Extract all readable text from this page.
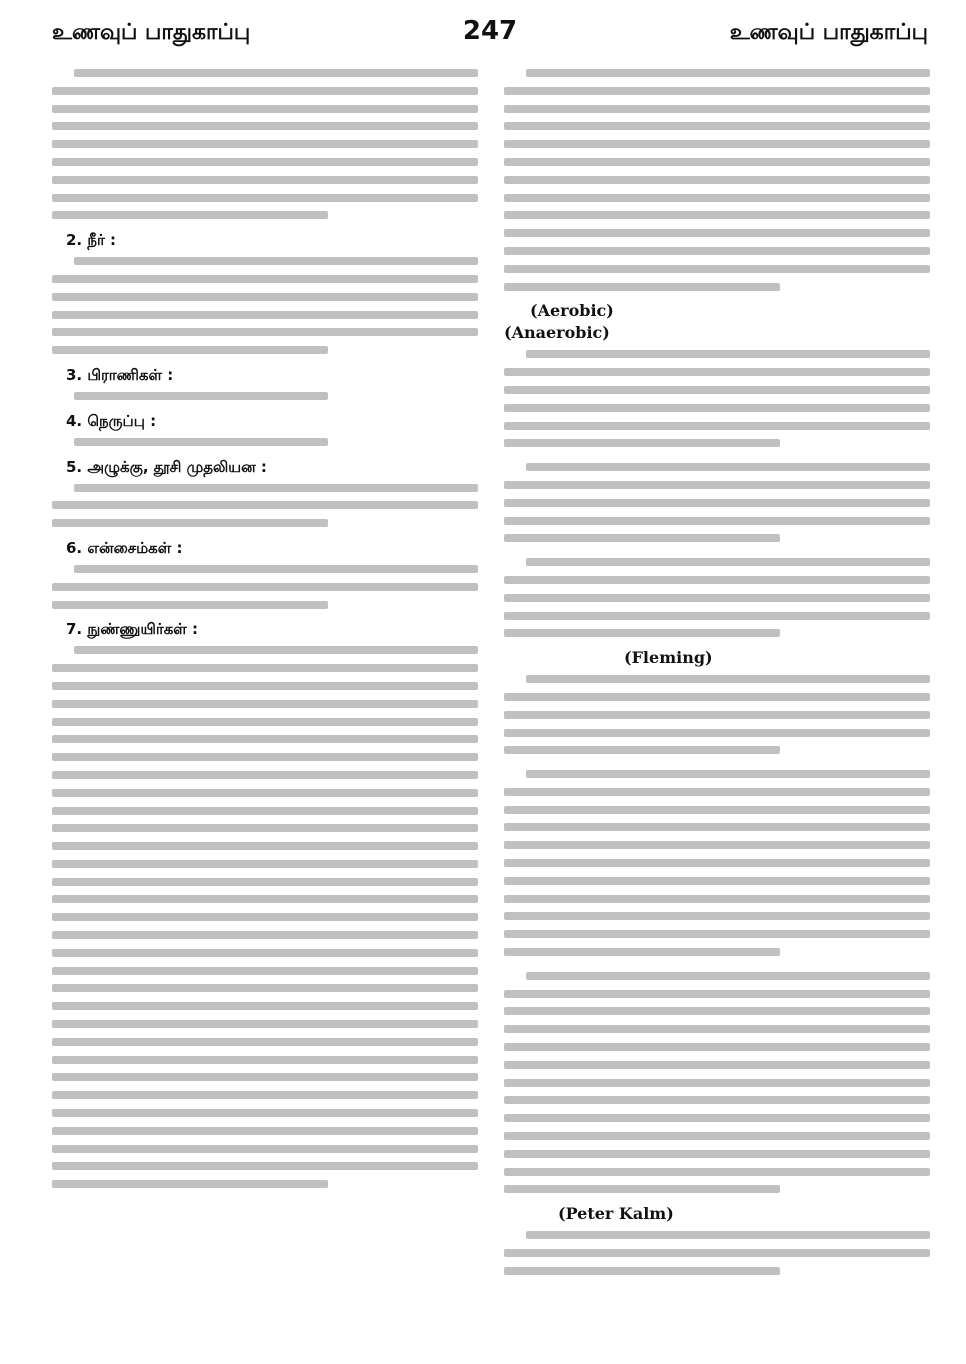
உணவுப் பாதுகாப்பு	247	உணவுப் பாதுகாப்பு
2. நீர் :
3. பிராணிகள் :
4. நெருப்பு :
5. அழுக்கு, தூசி முதலியன :
6. என்சைம்கள் :
7. நுண்ணுயிர்கள் :
(Aerobic)
(Anaerobic)
(Fleming)
(Peter Kalm)
